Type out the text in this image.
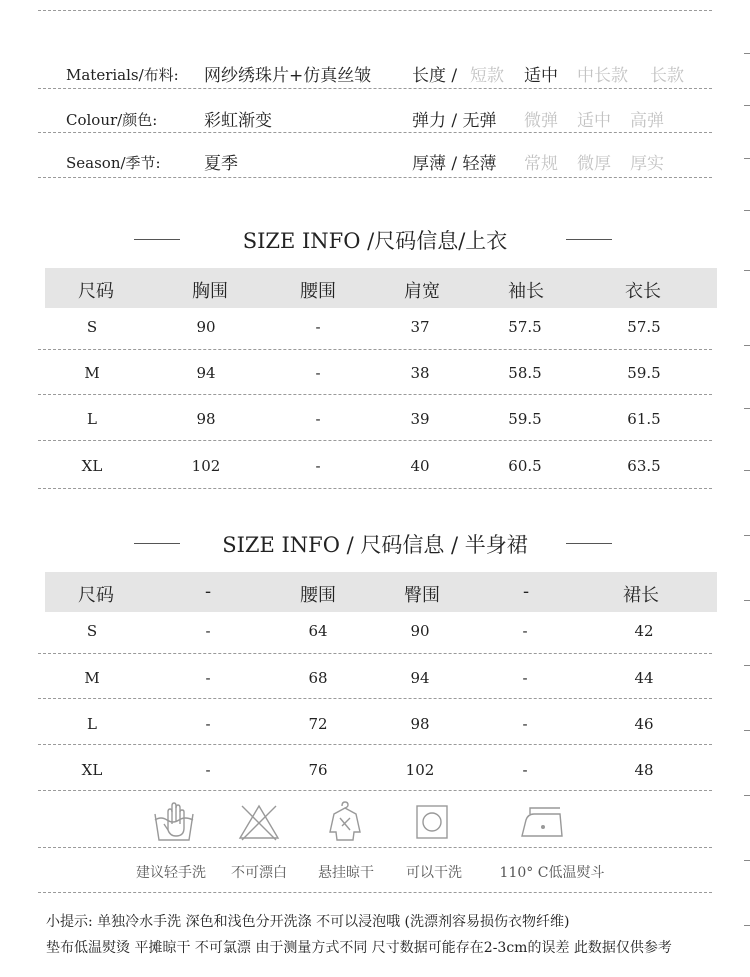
Materials/布料: 网纱绣珠片+仿真丝皱 长度 / 短款 适中 中长款 长款
Colour/颜色:	彩虹渐变	弹力 / 无弹 微弹 适中 高弹
Season/季节:	夏季	厚薄 / 轻薄 常规 微厚 厚实
SIZE INFO /尺码信息/上衣
尺码	胸围	腰围	肩宽	袖长	衣长
S	90	-	37	57.5	57.5
M	94	-	38	58.5	59.5
L	98	-	39	59.5	61.5
XL	102	-	40	60.5	63.5
SIZE INFO / 尺码信息 / 半身裙
尺码	-	腰围	臀围	-	裙长
S	-	64	90	-	42
M	-	68	94	-	44
L	-	72	98	-	46
XL	-	76	102	-	48
建议轻手洗 不可漂白 悬挂晾干 可以干洗	110° C低温熨斗
小提示: 单独冷水手洗 深色和浅色分开洗涤 不可以浸泡哦 (洗漂剂容易损伤衣物纤维)
垫布低温熨烫 平摊晾干 不可氯漂 由于测量方式不同 尺寸数据可能存在2-3cm的误差 此数据仅供参考
